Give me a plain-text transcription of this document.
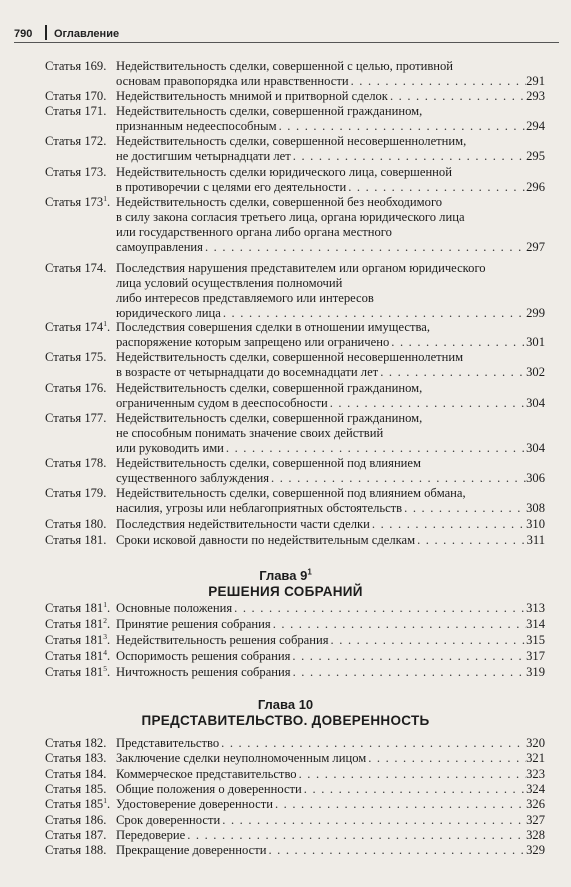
790 Оглавление
Статья 169. Недействительность сделки, совершенной с целью, противной
основам правопорядка или нравственности . . .	291
Статья 170. Недействительность мнимой и притворной сделок . . .	293
Статья 171. Недействительность сделки, совершенной гражданином,
признанным недееспособным . . .	294
Статья 172. Недействительность сделки, совершенной несовершеннолетним,
не достигшим четырнадцати лет . . .	295
Статья 173. Недействительность сделки юридического лица, совершенной
в противоречии с целями его деятельности . . .	296
Статья $173^1$. Недействительность сделки, совершенной без необходимого
в силу закона согласия третьего лица, органа юридического лица
или государственного органа либо органа местного
самоуправления . . .	297
Статья 174. Последствия нарушения представителем или органом юридического
лица условий осуществления полномочий
либо интересов представляемого или интересов
юридического лица . . .	299
Статья $174^1$. Последствия совершения сделки в отношении имущества,
распоряжение которым запрещено или ограничено . . .	301
Статья 175. Недействительность сделки, совершенной несовершеннолетним
в возрасте от четырнадцати до восемнадцати лет . . .	302
Статья 176. Недействительность сделки, совершенной гражданином,
ограниченным судом в дееспособности . . .	304
Статья 177. Недействительность сделки, совершенной гражданином,
не способным понимать значение своих действий
или руководить ими . . .	304
Статья 178. Недействительность сделки, совершенной под влиянием
существенного заблуждения . . .	306
Статья 179. Недействительность сделки, совершенной под влиянием обмана,
насилия, угрозы или неблагоприятных обстоятельств . . .	308
Статья 180. Последствия недействительности части сделки . . .	310
Статья 181. Сроки исковой давности по недействительным сделкам . . .	311
Статья $181^1$. Основные положения . . .	313
Статья $181^2$. Принятие решения собрания . . .	314
Статья $181^3$. Недействительность решения собрания . . .	315
Статья $181^4$. Оспоримость решения собрания . . .	317
Статья $181^5$. Ничтожность решения собрания . . .	319
Статья 182. Представительство . . .	320
Статья 183. Заключение сделки неуполномоченным лицом . . .	321
Статья 184. Коммерческое представительство . . .	323
Статья 185. Общие положения о доверенности . . .	324
Статья $185^1$. Удостоверение доверенности . . .	326
Статья 186. Срок доверенности . . .	327
Статья 187. Передоверие . . .	328
Статья 188. Прекращение доверенности . . .	329
Глава $9^1$
РЕШЕНИЯ СОБРАНИЙ
Глава 10
ПРЕДСТАВИТЕЛЬСТВО. ДОВЕРЕННОСТЬ
